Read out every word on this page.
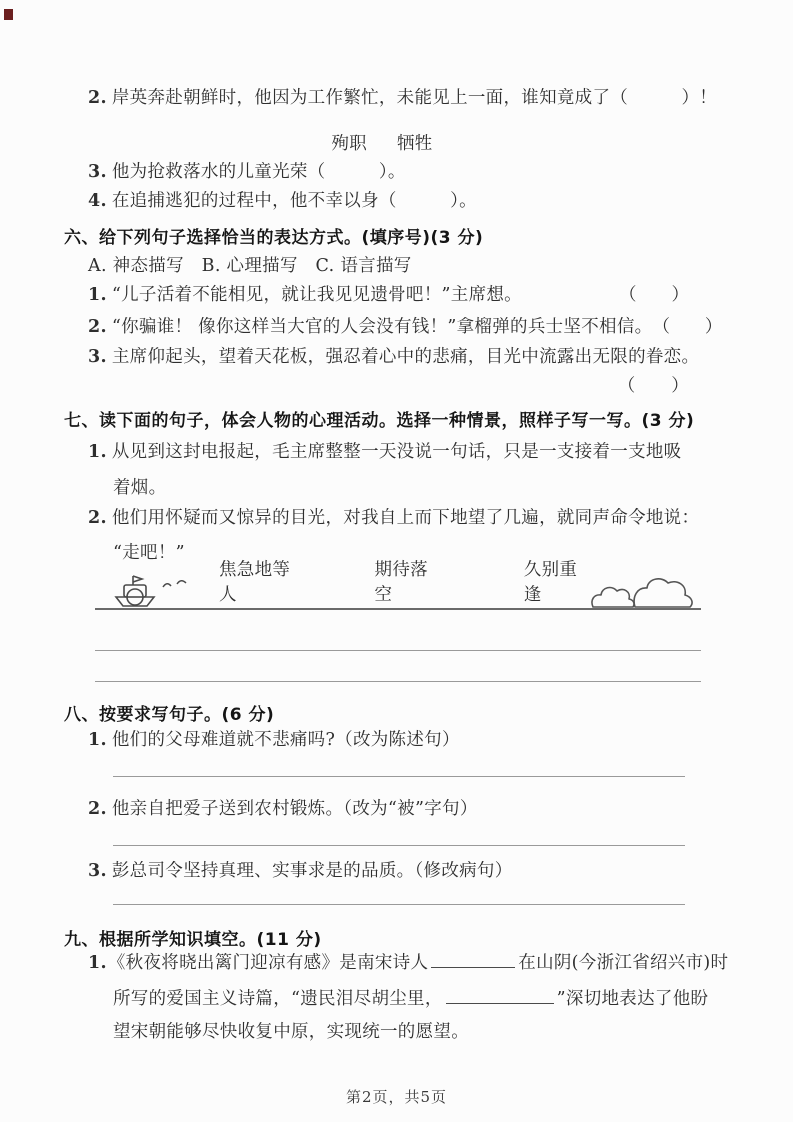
2. 岸英奔赴朝鲜时，他因为工作繁忙，未能见上一面，谁知竟成了（　　　）！
殉职 牺牲
3. 他为抢救落水的儿童光荣（　　　）。
4. 在追捕逃犯的过程中，他不幸以身（　　　）。
六、给下列句子选择恰当的表达方式。(填序号)(3 分)
A. 神态描写　B. 心理描写　C. 语言描写
1. “儿子活着不能相见，就让我见见遗骨吧！”主席想。	（　　）
2. “你骗谁！ 像你这样当大官的人会没有钱！”拿榴弹的兵士坚不相信。 （　　）
3. 主席仰起头，望着天花板，强忍着心中的悲痛，目光中流露出无限的眷恋。
（　　）
七、读下面的句子，体会人物的心理活动。选择一种情景，照样子写一写。(3 分)
1. 从见到这封电报起，毛主席整整一天没说一句话，只是一支接着一支地吸
着烟。
2. 他们用怀疑而又惊异的目光，对我自上而下地望了几遍，就同声命令地说：
“走吧！”
焦急地等人
期待落空
久别重逢
八、按要求写句子。(6 分)
1. 他们的父母难道就不悲痛吗?（改为陈述句）
2. 他亲自把爱子送到农村锻炼。（改为“被”字句）
3. 彭总司令坚持真理、实事求是的品质。（修改病句）
九、根据所学知识填空。(11 分)
1.《秋夜将晓出篱门迎凉有感》是南宋诗人	在山阴(今浙江省绍兴市)时
所写的爱国主义诗篇，“遗民泪尽胡尘里，	”深切地表达了他盼
望宋朝能够尽快收复中原，实现统一的愿望。
第2页，共5页
